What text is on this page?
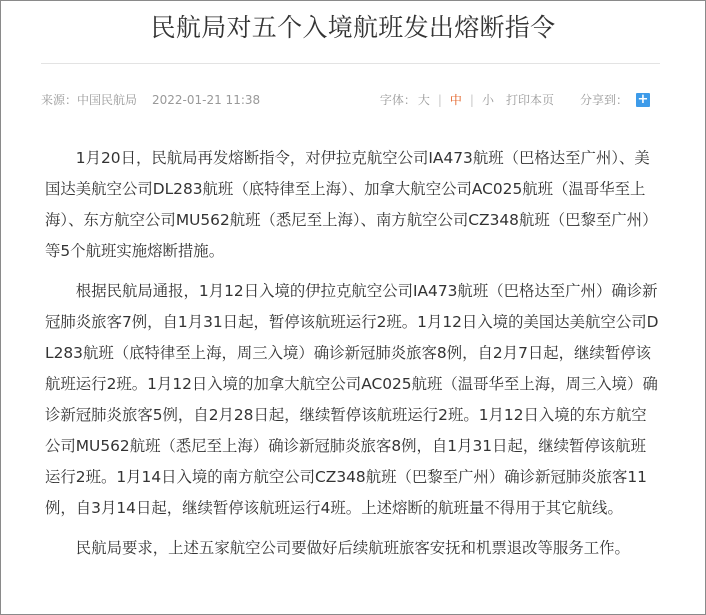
民航局对五个入境航班发出熔断指令
来源：中国民航局 2022-01-21 11:38	字体： 大 | 中 | 小 打印本页 分享到： +

1月20日，民航局再发熔断指令，对伊拉克航空公司IA473航班（巴格达至广州）、美国达美航空公司DL283航班（底特律至上海）、加拿大航空公司AC025航班（温哥华至上海）、东方航空公司MU562航班（悉尼至上海）、南方航空公司CZ348航班（巴黎至广州）等5个航班实施熔断措施。

根据民航局通报，1月12日入境的伊拉克航空公司IA473航班（巴格达至广州）确诊新冠肺炎旅客7例，自1月31日起，暂停该航班运行2班。1月12日入境的美国达美航空公司DL283航班（底特律至上海，周三入境）确诊新冠肺炎旅客8例，自2月7日起，继续暂停该航班运行2班。1月12日入境的加拿大航空公司AC025航班（温哥华至上海，周三入境）确诊新冠肺炎旅客5例，自2月28日起，继续暂停该航班运行2班。1月12日入境的东方航空公司MU562航班（悉尼至上海）确诊新冠肺炎旅客8例，自1月31日起，继续暂停该航班运行2班。1月14日入境的南方航空公司CZ348航班（巴黎至广州）确诊新冠肺炎旅客11例，自3月14日起，继续暂停该航班运行4班。上述熔断的航班量不得用于其它航线。

民航局要求，上述五家航空公司要做好后续航班旅客安抚和机票退改等服务工作。
